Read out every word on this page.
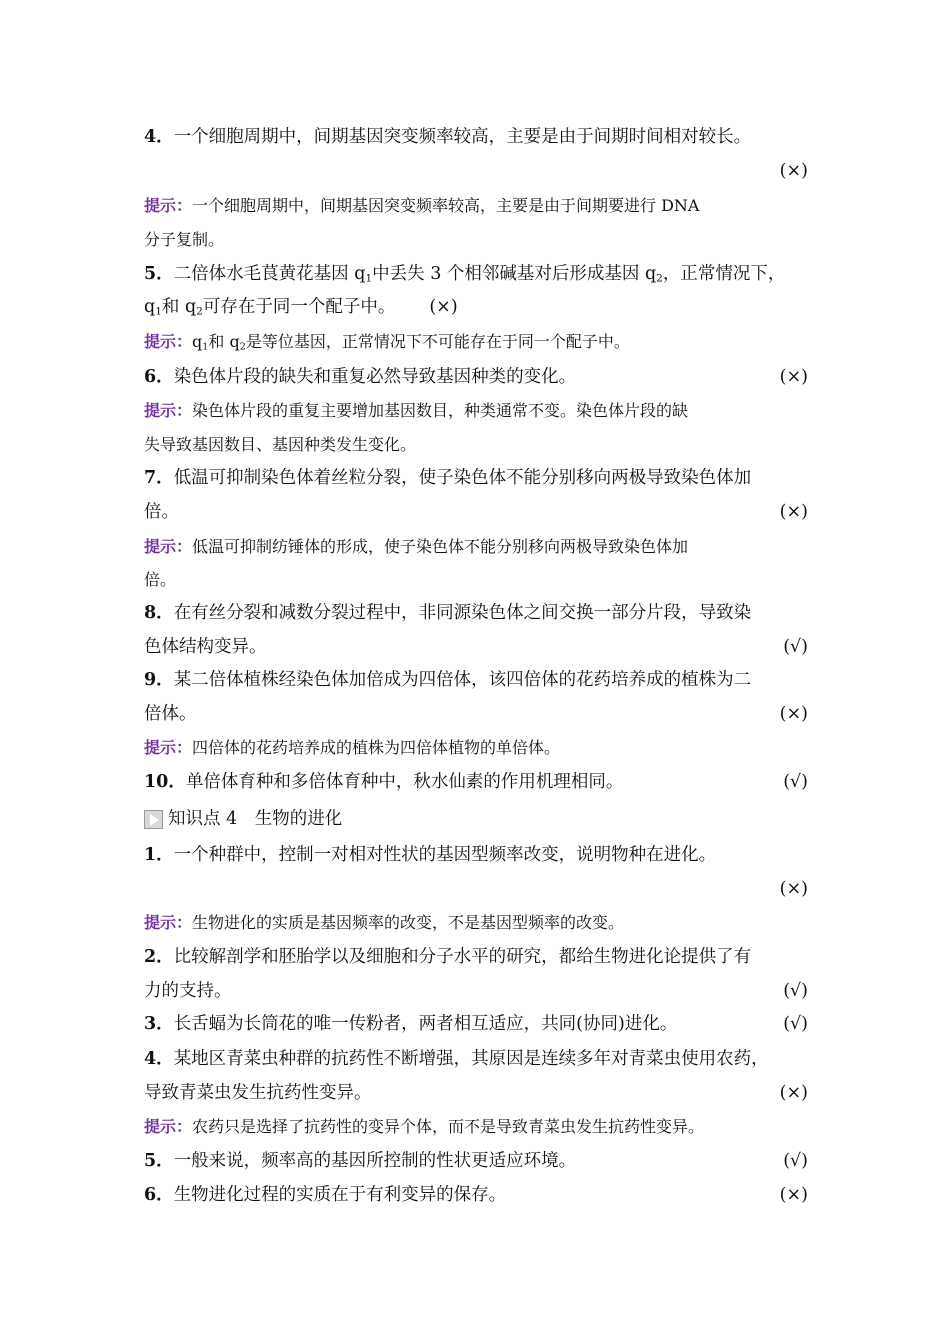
4．一个细胞周期中，间期基因突变频率较高，主要是由于间期时间相对较长。
(×)
提示：一个细胞周期中，间期基因突变频率较高，主要是由于间期要进行 DNA
分子复制。
5．二倍体水毛茛黄花基因 $q_1$中丢失 3 个相邻碱基对后形成基因 $q_2$，正常情况下，
$q_1$和 $q_2$可存在于同一个配子中。 (×)
提示：$q_1$和 $q_2$是等位基因，正常情况下不可能存在于同一个配子中。
6．染色体片段的缺失和重复必然导致基因种类的变化。	(×)
提示：染色体片段的重复主要增加基因数目，种类通常不变。染色体片段的缺
失导致基因数目、基因种类发生变化。
7．低温可抑制染色体着丝粒分裂，使子染色体不能分别移向两极导致染色体加
倍。	(×)
提示：低温可抑制纺锤体的形成，使子染色体不能分别移向两极导致染色体加
倍。
8．在有丝分裂和减数分裂过程中，非同源染色体之间交换一部分片段，导致染
色体结构变异。	(√)
9．某二倍体植株经染色体加倍成为四倍体，该四倍体的花药培养成的植株为二
倍体。	(×)
提示：四倍体的花药培养成的植株为四倍体植物的单倍体。
10．单倍体育种和多倍体育种中，秋水仙素的作用机理相同。	(√)
知识点 4　生物的进化
1．一个种群中，控制一对相对性状的基因型频率改变，说明物种在进化。
(×)
提示：生物进化的实质是基因频率的改变，不是基因型频率的改变。
2．比较解剖学和胚胎学以及细胞和分子水平的研究，都给生物进化论提供了有
力的支持。	(√)
3．长舌蝠为长筒花的唯一传粉者，两者相互适应，共同(协同)进化。	(√)
4．某地区青菜虫种群的抗药性不断增强，其原因是连续多年对青菜虫使用农药，
导致青菜虫发生抗药性变异。	(×)
提示：农药只是选择了抗药性的变异个体，而不是导致青菜虫发生抗药性变异。
5．一般来说，频率高的基因所控制的性状更适应环境。	(√)
6．生物进化过程的实质在于有利变异的保存。	(×)
